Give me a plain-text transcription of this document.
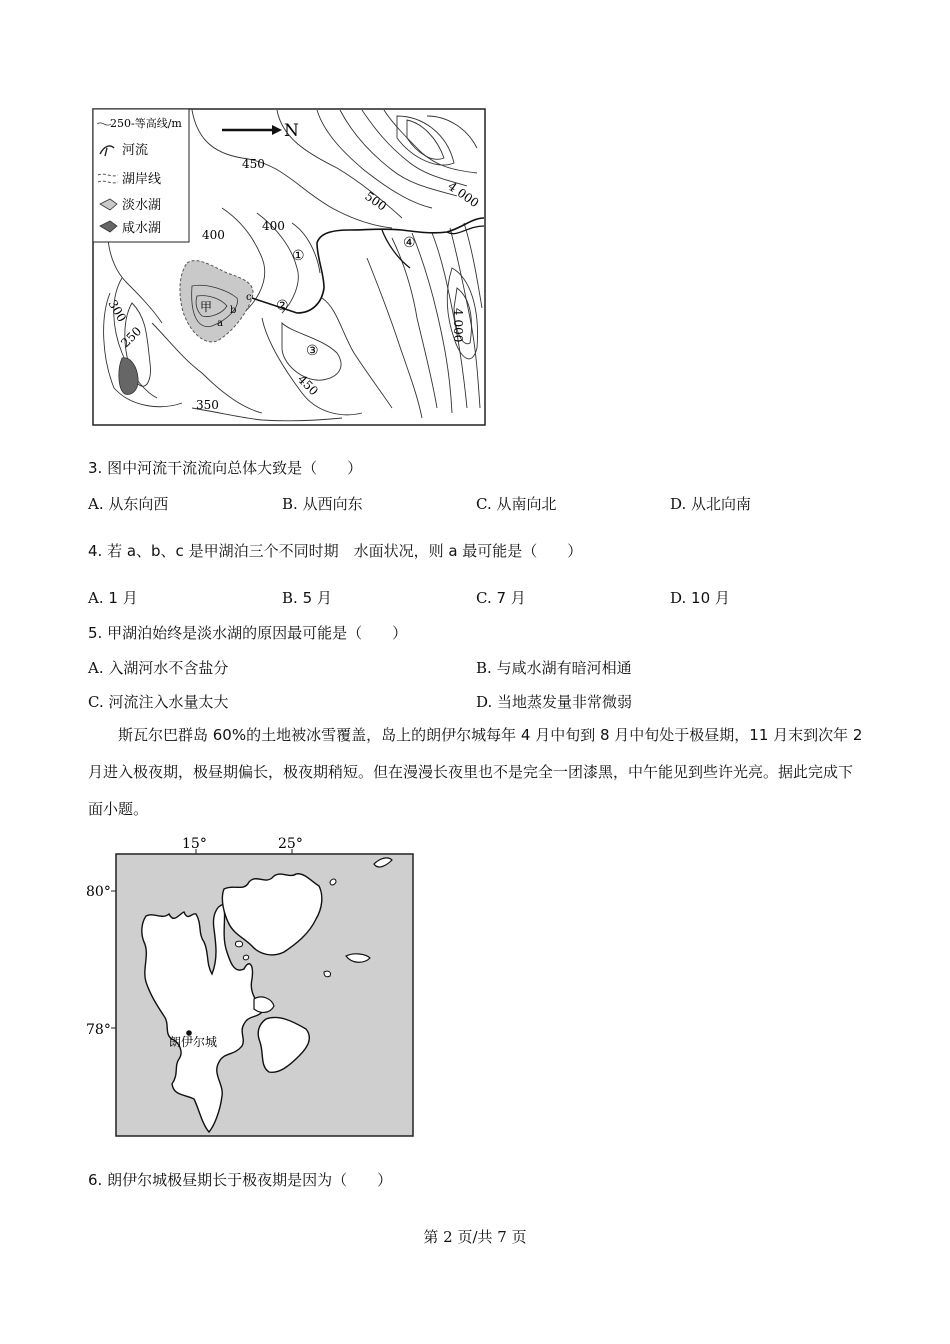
250-等高线/m
河流
湖岸线
淡水湖
咸水湖
N
450
500	4 000
400
400
300
250
450
350
4 000
①
②
③
④
甲
a
b
c
3. 图中河流干流流向总体大致是（　　）
A. 从东向西	B. 从西向东	C. 从南向北	D. 从北向南
4. 若 a、b、c 是甲湖泊三个不同时期　水面状况，则 a 最可能是（　　）
A. 1 月	B. 5 月	C. 7 月	D. 10 月
5. 甲湖泊始终是淡水湖的原因最可能是（　　）
A. 入湖河水不含盐分	B. 与咸水湖有暗河相通
C. 河流注入水量太大	D. 当地蒸发量非常微弱
斯瓦尔巴群岛 60%的土地被冰雪覆盖，岛上的朗伊尔城每年 4 月中旬到 8 月中旬处于极昼期，11 月末到次年 2 月进入极夜期，极昼期偏长，极夜期稍短。但在漫漫长夜里也不是完全一团漆黑，中午能见到些许光亮。据此完成下面小题。
15°	25°
80°
78°
朗伊尔城
6. 朗伊尔城极昼期长于极夜期是因为（　　）
第 2 页/共 7 页
